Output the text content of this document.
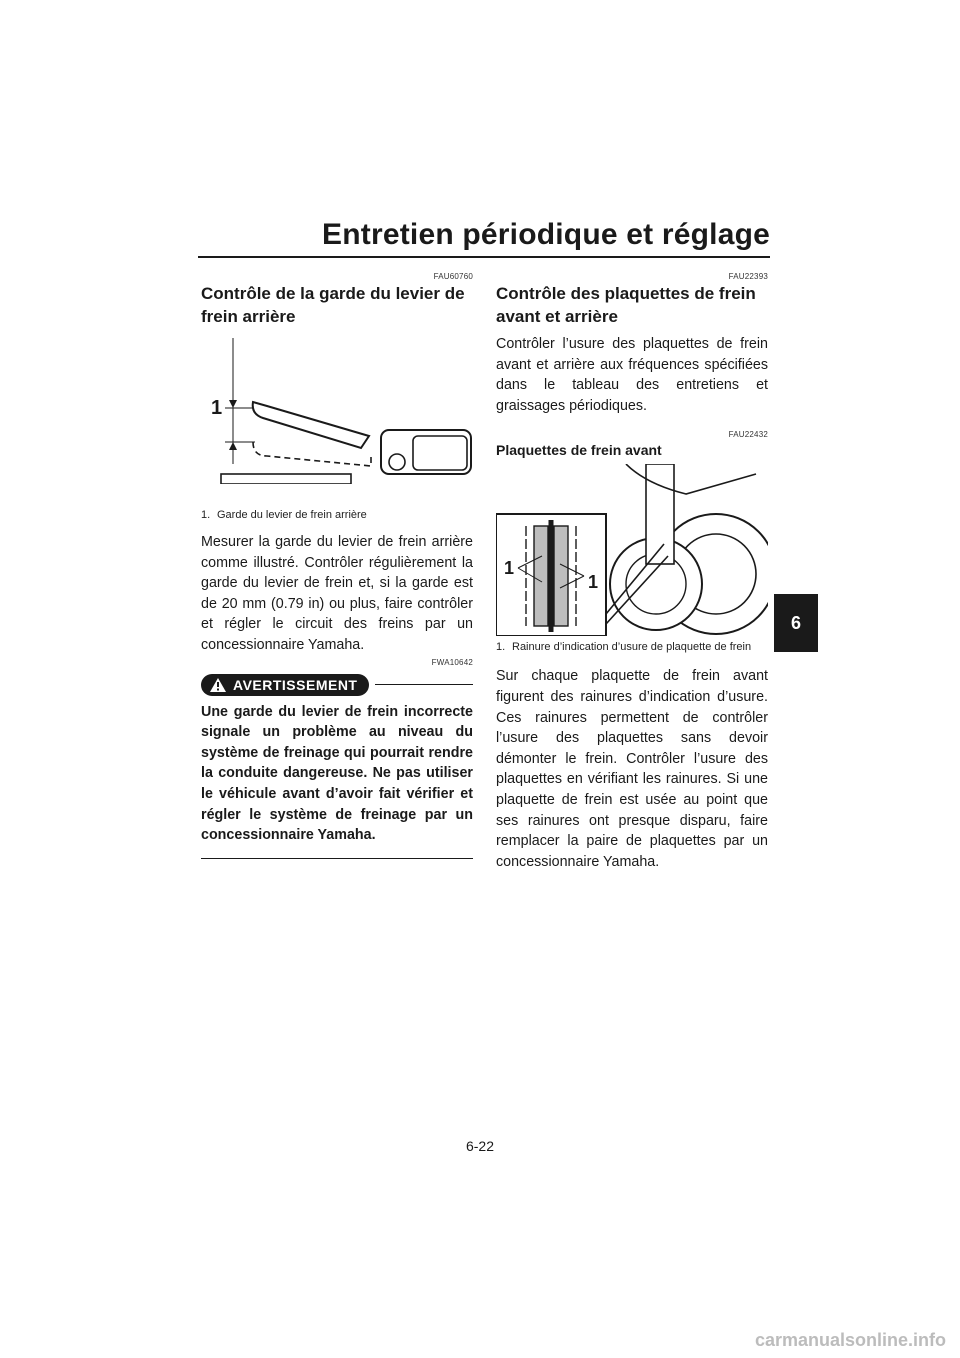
Entretien périodique et réglage
6
FAU60760
Contrôle de la garde du levier de frein arrière
1
1. Garde du levier de frein arrière

Mesurer la garde du levier de frein arrière comme illustré. Contrôler régulièrement la garde du levier de frein et, si la garde est de 20 mm (0.79 in) ou plus, faire contrôler et régler le circuit des freins par un concessionnaire Yamaha.

FWA10642
AVERTISSEMENT
Une garde du levier de frein incorrecte signale un problème au niveau du système de freinage qui pourrait rendre la conduite dangereuse. Ne pas utiliser le véhicule avant d’avoir fait vérifier et régler le système de freinage par un concessionnaire Yamaha.
FAU22393
Contrôle des plaquettes de frein avant et arrière

Contrôler l’usure des plaquettes de frein avant et arrière aux fréquences spécifiées dans le tableau des entretiens et graissages périodiques.

FAU22432
Plaquettes de frein avant
1
1
1. Rainure d’indication d’usure de plaquette de frein

Sur chaque plaquette de frein avant figurent des rainures d’indication d’usure. Ces rainures permettent de contrôler l’usure des plaquettes sans devoir démonter le frein. Contrôler l’usure des plaquettes en vérifiant les rainures. Si une plaquette de frein est usée au point que ses rainures ont presque disparu, faire remplacer la paire de plaquettes par un concessionnaire Yamaha.

6-22
carmanualsonline.info
